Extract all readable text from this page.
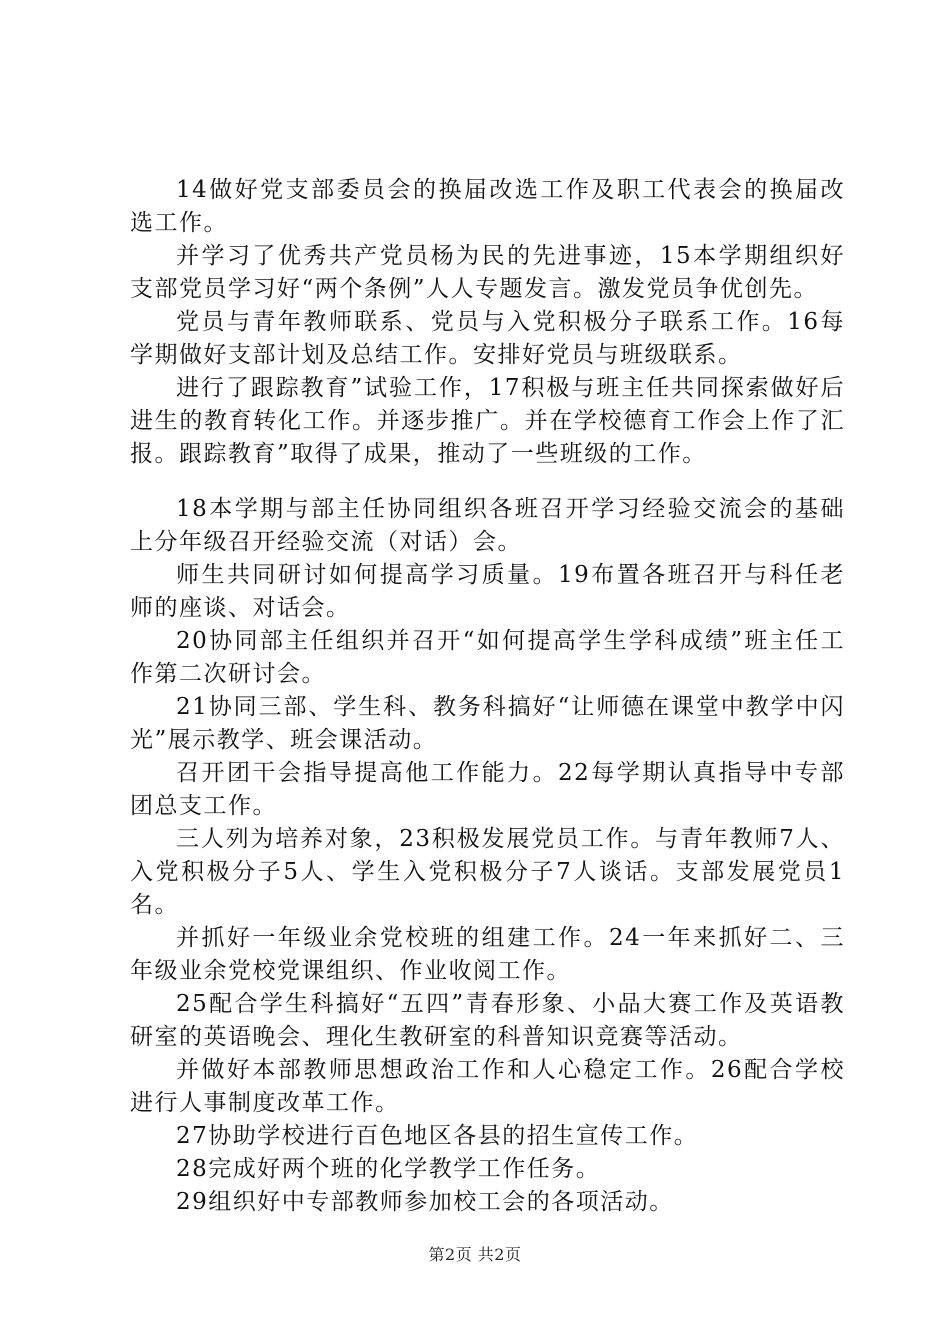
14做好党支部委员会的换届改选工作及职工代表会的换届改选工作。

并学习了优秀共产党员杨为民的先进事迹，15本学期组织好支部党员学习好“两个条例”人人专题发言。激发党员争优创先。

党员与青年教师联系、党员与入党积极分子联系工作。16每学期做好支部计划及总结工作。安排好党员与班级联系。

进行了跟踪教育”试验工作，17积极与班主任共同探索做好后进生的教育转化工作。并逐步推广。并在学校德育工作会上作了汇报。跟踪教育”取得了成果，推动了一些班级的工作。

18本学期与部主任协同组织各班召开学习经验交流会的基础上分年级召开经验交流（对话）会。

师生共同研讨如何提高学习质量。19布置各班召开与科任老师的座谈、对话会。

20协同部主任组织并召开“如何提高学生学科成绩”班主任工作第二次研讨会。

21协同三部、学生科、教务科搞好“让师德在课堂中教学中闪光”展示教学、班会课活动。

召开团干会指导提高他工作能力。22每学期认真指导中专部团总支工作。

三人列为培养对象，23积极发展党员工作。与青年教师7人、入党积极分子5人、学生入党积极分子7人谈话。支部发展党员1名。

并抓好一年级业余党校班的组建工作。24一年来抓好二、三年级业余党校党课组织、作业收阅工作。

25配合学生科搞好“五四”青春形象、小品大赛工作及英语教研室的英语晚会、理化生教研室的科普知识竞赛等活动。

并做好本部教师思想政治工作和人心稳定工作。26配合学校进行人事制度改革工作。

27协助学校进行百色地区各县的招生宣传工作。

28完成好两个班的化学教学工作任务。

29组织好中专部教师参加校工会的各项活动。

第2页 共2页
